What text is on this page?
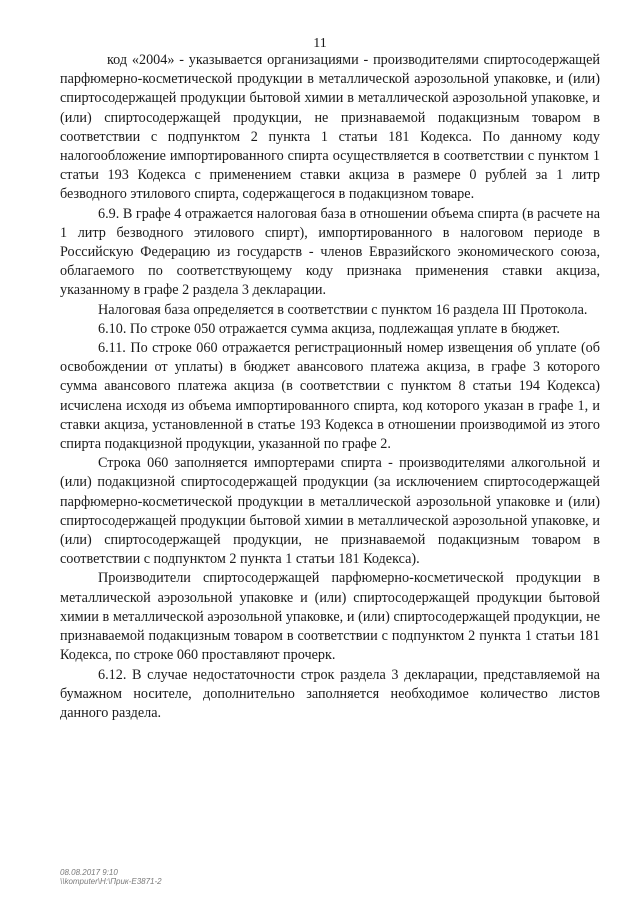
11

код «2004» - указывается организациями - производителями спиртосодержащей парфюмерно-косметической продукции в металлической аэрозольной упаковке, и (или) спиртосодержащей продукции бытовой химии в металлической аэрозольной упаковке, и (или) спиртосодержащей продукции, не признаваемой подакцизным товаром в соответствии с подпунктом 2 пункта 1 статьи 181 Кодекса. По данному коду налогообложение импортированного спирта осуществляется в соответствии с пунктом 1 статьи 193 Кодекса с применением ставки акциза в размере 0 рублей за 1 литр безводного этилового спирта, содержащегося в подакцизном товаре.

6.9. В графе 4 отражается налоговая база в отношении объема спирта (в расчете на 1 литр безводного этилового спирт), импортированного в налоговом периоде в Российскую Федерацию из государств - членов Евразийского экономического союза, облагаемого по соответствующему коду признака применения ставки акциза, указанному в графе 2 раздела 3 декларации.

Налоговая база определяется в соответствии с пунктом 16 раздела III Протокола.

6.10. По строке 050 отражается сумма акциза, подлежащая уплате в бюджет.

6.11. По строке 060 отражается регистрационный номер извещения об уплате (об освобождении от уплаты) в бюджет авансового платежа акциза, в графе 3 которого сумма авансового платежа акциза (в соответствии с пунктом 8 статьи 194 Кодекса) исчислена исходя из объема импортированного спирта, код которого указан в графе 1, и ставки акциза, установленной в статье 193 Кодекса в отношении производимой из этого спирта подакцизной продукции, указанной по графе 2.

Строка 060 заполняется импортерами спирта - производителями алкогольной и (или) подакцизной спиртосодержащей продукции (за исключением спиртосодержащей парфюмерно-косметической продукции в металлической аэрозольной упаковке и (или) спиртосодержащей продукции бытовой химии в металлической аэрозольной упаковке, и (или) спиртосодержащей продукции, не признаваемой подакцизным товаром в соответствии с подпунктом 2 пункта 1 статьи 181 Кодекса).

Производители спиртосодержащей парфюмерно-косметической продукции в металлической аэрозольной упаковке и (или) спиртосодержащей продукции бытовой химии в металлической аэрозольной упаковке, и (или) спиртосодержащей продукции, не признаваемой подакцизным товаром в соответствии с подпунктом 2 пункта 1 статьи 181 Кодекса, по строке 060 проставляют прочерк.

6.12. В случае недостаточности строк раздела 3 декларации, представляемой на бумажном носителе, дополнительно заполняется необходимое количество листов данного раздела.

08.08.2017 9:10
\\komputer\Н:\Прик-Е3871-2
